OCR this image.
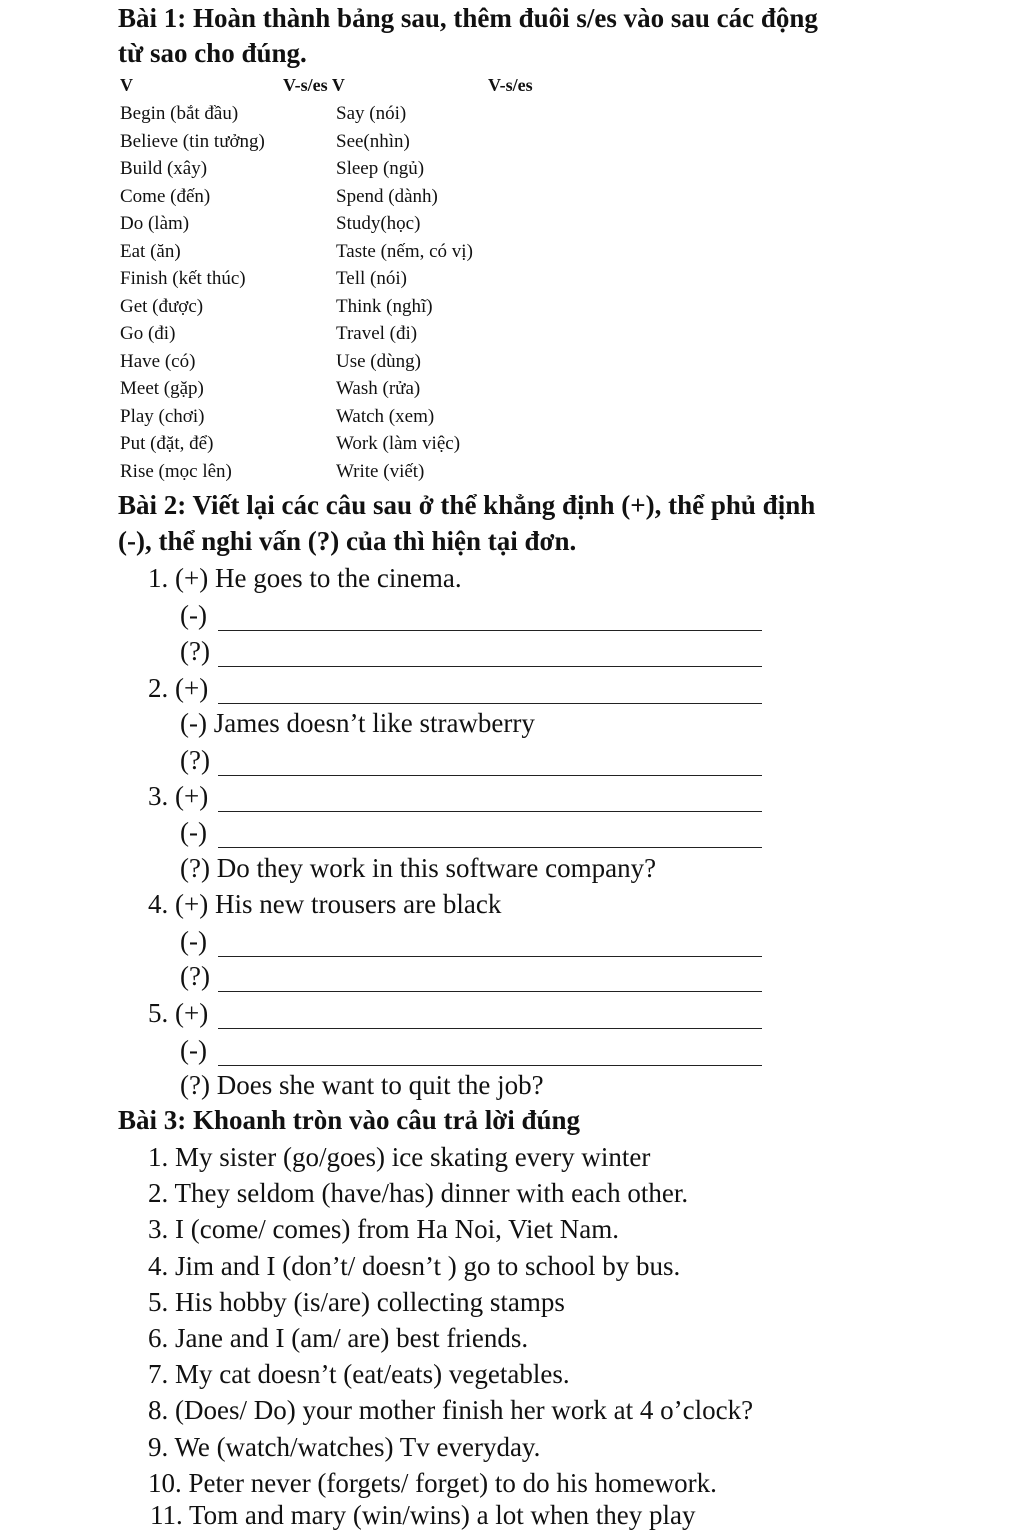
Bài 1: Hoàn thành bảng sau, thêm đuôi s/es vào sau các động
từ sao cho đúng.
V	V-s/es V	V-s/es
Begin (bắt đầu)	Say (nói)
Believe (tin tưởng)	See(nhìn)
Build (xây)	Sleep (ngủ)
Come (đến)	Spend (dành)
Do (làm)	Study(học)
Eat (ăn)	Taste (nếm, có vị)
Finish (kết thúc)	Tell (nói)
Get (được)	Think (nghĩ)
Go (đi)	Travel (đi)
Have (có)	Use (dùng)
Meet (gặp)	Wash (rửa)
Play (chơi)	Watch (xem)
Put (đặt, để)	Work (làm việc)
Rise (mọc lên)	Write (viết)
Bài 2: Viết lại các câu sau ở thể khẳng định (+), thể phủ định
(-), thể nghi vấn (?) của thì hiện tại đơn.
1. (+) He goes to the cinema.
(-)
(?)
2. (+)
(-) James doesn’t like strawberry
(?)
3. (+)
(-)
(?) Do they work in this software company?
4. (+) His new trousers are black
(-)
(?)
5. (+)
(-)
(?) Does she want to quit the job?
Bài 3: Khoanh tròn vào câu trả lời đúng
1. My sister (go/goes) ice skating every winter
2. They seldom (have/has) dinner with each other.
3. I (come/ comes) from Ha Noi, Viet Nam.
4. Jim and I (don’t/ doesn’t ) go to school by bus.
5. His hobby (is/are) collecting stamps
6. Jane and I (am/ are) best friends.
7. My cat doesn’t (eat/eats) vegetables.
8. (Does/ Do) your mother finish her work at 4 o’clock?
9. We (watch/watches) Tv everyday.
10. Peter never (forgets/ forget) to do his homework.
11. Tom and mary (win/wins) a lot when they play
